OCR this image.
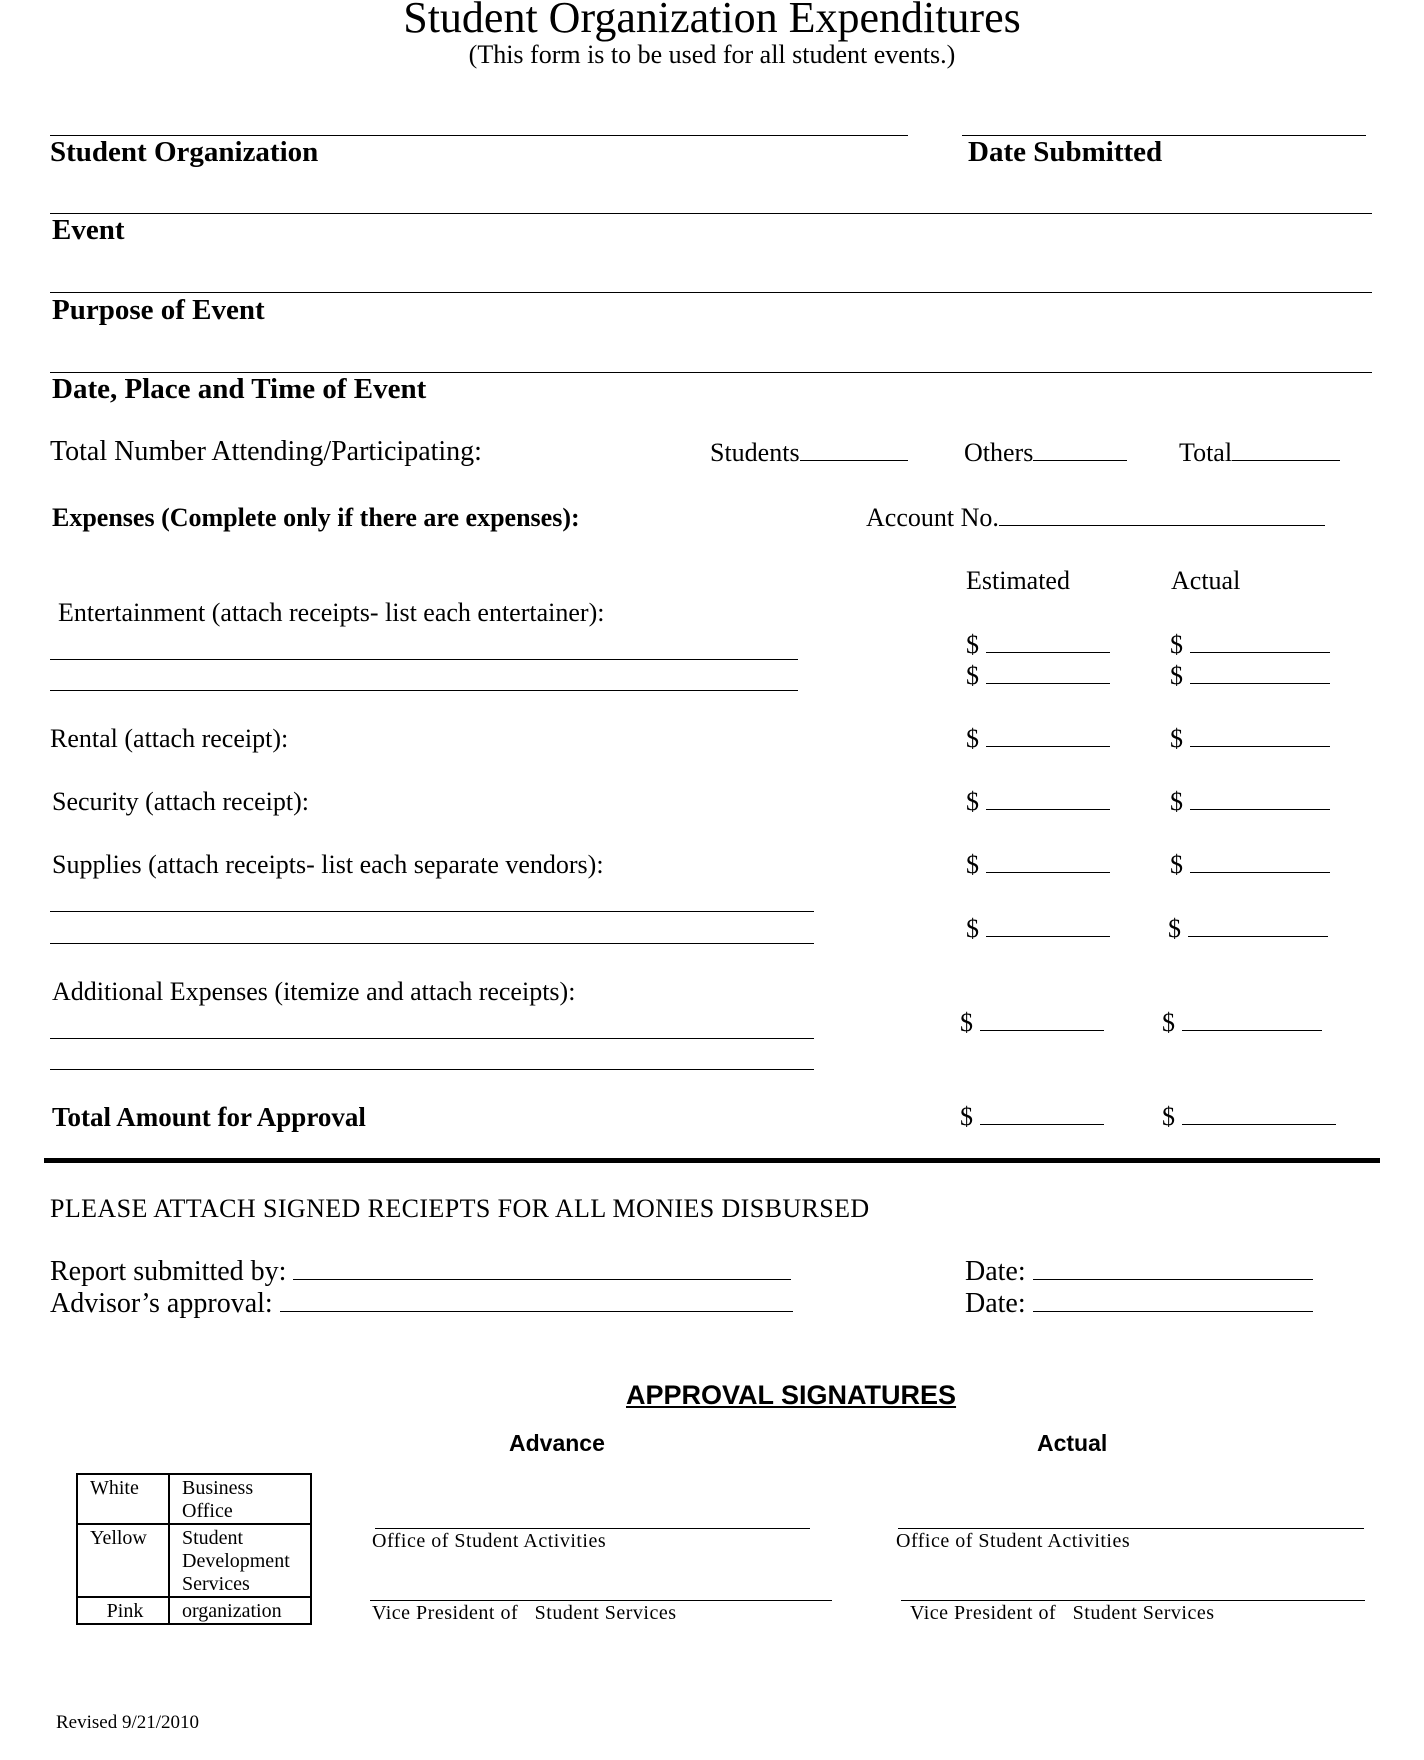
Student Organization Expenditures
(This form is to be used for all student events.)
Student Organization	Date Submitted
Event
Purpose of Event
Date, Place and Time of Event
Total Number Attending/Participating:	Students	Others	Total
Expenses (Complete only if there are expenses):	Account No.
Estimated	Actual
Entertainment (attach receipts- list each entertainer):
$	$
$	$
Rental (attach receipt):	$	$
Security (attach receipt):	$	$
Supplies (attach receipts- list each separate vendors):	$	$
$	$
Additional Expenses (itemize and attach receipts):
$	$
Total Amount for Approval	$	$
PLEASE ATTACH SIGNED RECIEPTS FOR ALL MONIES DISBURSED
Report submitted by:
Advisor’s approval:
Date:
Date:
APPROVAL SIGNATURES
Advance	Actual
White	Business Office
Yellow	Student Development Services
Pink	organization
Office of Student Activities
Vice President of   Student Services
Office of Student Activities
Vice President of   Student Services
Revised 9/21/2010
